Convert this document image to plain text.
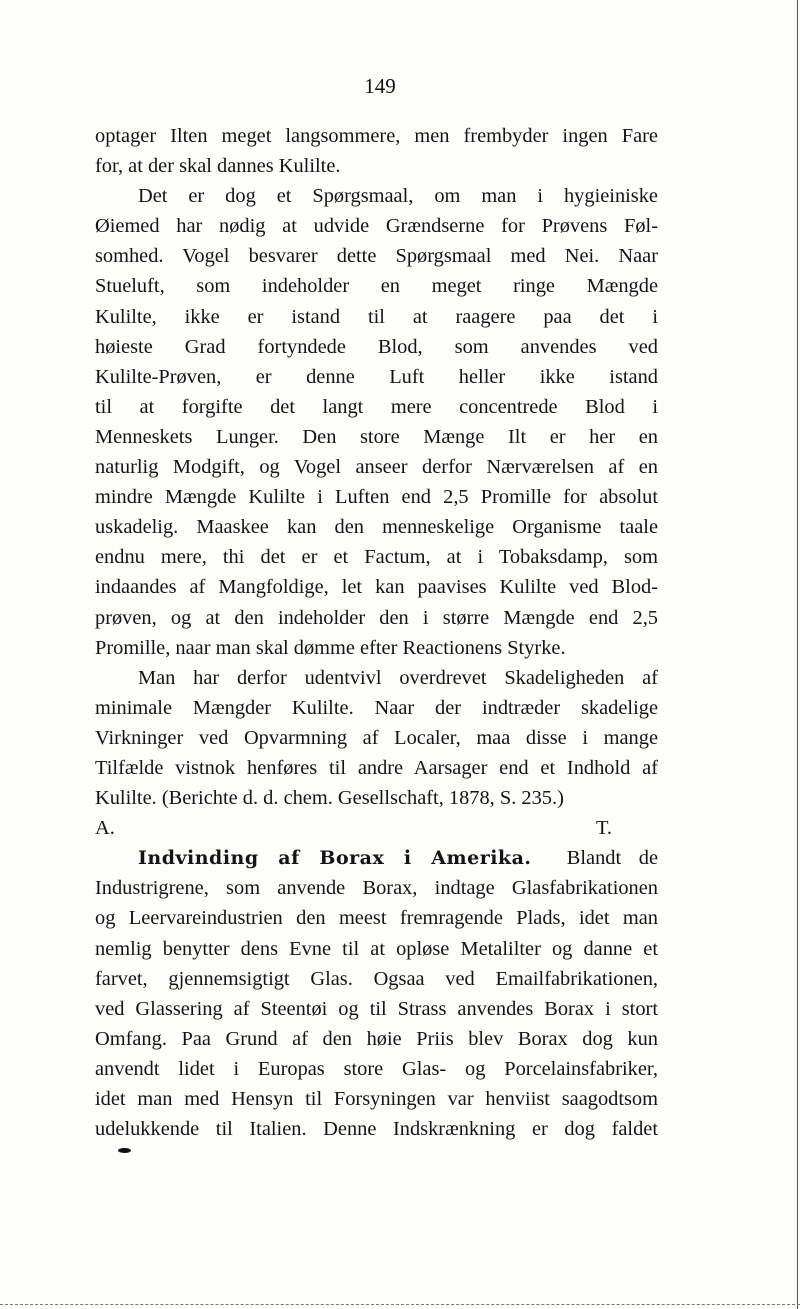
149

optager Ilten meget langsommere, men frembyder ingen Fare
for, at der skal dannes Kulilte.

Det er dog et Spørgsmaal, om man i hygieiniske
Øiemed har nødig at udvide Grændserne for Prøvens Føl-
somhed. Vogel besvarer dette Spørgsmaal med Nei. Naar
Stueluft, som indeholder en meget ringe Mængde
Kulilte, ikke er istand til at raagere paa det i
høieste Grad fortyndede Blod, som anvendes ved
Kulilte-Prøven, er denne Luft heller ikke istand
til at forgifte det langt mere concentrede Blod i
Menneskets Lunger. Den store Mænge Ilt er her en
naturlig Modgift, og Vogel anseer derfor Nærværelsen af en
mindre Mængde Kulilte i Luften end 2,5 Promille for absolut
uskadelig. Maaskee kan den menneskelige Organisme taale
endnu mere, thi det er et Factum, at i Tobaksdamp, som
indaandes af Mangfoldige, let kan paavises Kulilte ved Blod-
prøven, og at den indeholder den i større Mængde end 2,5
Promille, naar man skal dømme efter Reactionens Styrke.

Man har derfor udentvivl overdrevet Skadeligheden af
minimale Mængder Kulilte. Naar der indtræder skadelige
Virkninger ved Opvarmning af Localer, maa disse i mange
Tilfælde vistnok henføres til andre Aarsager end et Indhold af
Kulilte. (Berichte d. d. chem. Gesellschaft, 1878, S. 235.)

A. T.

Indvinding af Borax i Amerika. Blandt de
Industrigrene, som anvende Borax, indtage Glasfabrikationen
og Leervareindustrien den meest fremragende Plads, idet man
nemlig benytter dens Evne til at opløse Metalilter og danne et
farvet, gjennemsigtigt Glas. Ogsaa ved Emailfabrikationen,
ved Glassering af Steentøi og til Strass anvendes Borax i stort
Omfang. Paa Grund af den høie Priis blev Borax dog kun
anvendt lidet i Europas store Glas- og Porcelainsfabriker,
idet man med Hensyn til Forsyningen var henviist saagodtsom
udelukkende til Italien. Denne Indskrænkning er dog faldet
